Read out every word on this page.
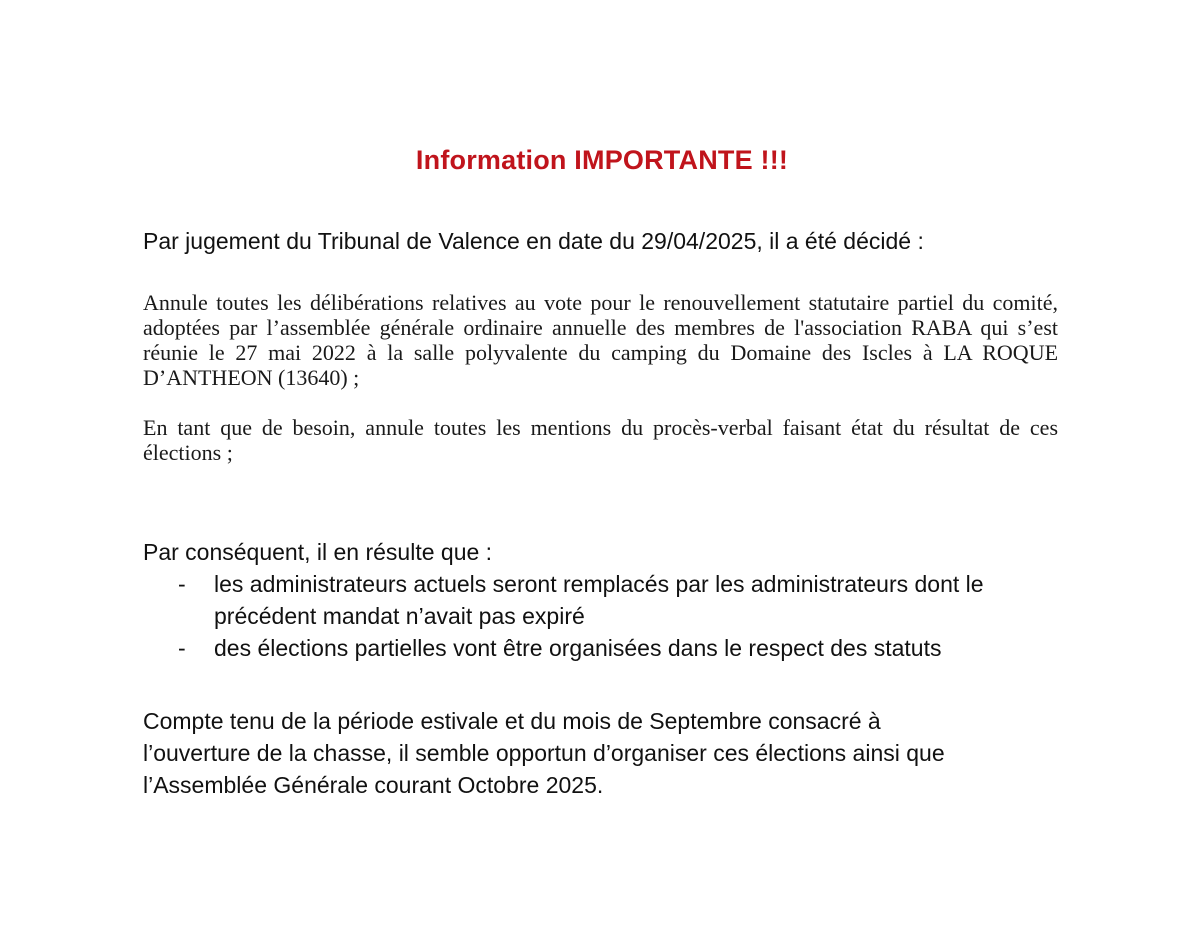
Information IMPORTANTE !!!
Par jugement du Tribunal de Valence en date du 29/04/2025, il a été décidé :

Annule toutes les délibérations relatives au vote pour le renouvellement statutaire partiel du comité, adoptées par l’assemblée générale ordinaire annuelle des membres de l'association RABA qui s’est réunie le 27 mai 2022 à la salle polyvalente du camping du Domaine des Iscles à LA ROQUE D’ANTHEON (13640) ;

En tant que de besoin, annule toutes les mentions du procès-verbal faisant état du résultat de ces élections ;

Par conséquent, il en résulte que :
- les administrateurs actuels seront remplacés par les administrateurs dont le précédent mandat n’avait pas expiré
- des élections partielles vont être organisées dans le respect des statuts

Compte tenu de la période estivale et du mois de Septembre consacré à
l’ouverture de la chasse, il semble opportun d’organiser ces élections ainsi que
l’Assemblée Générale courant Octobre 2025.
